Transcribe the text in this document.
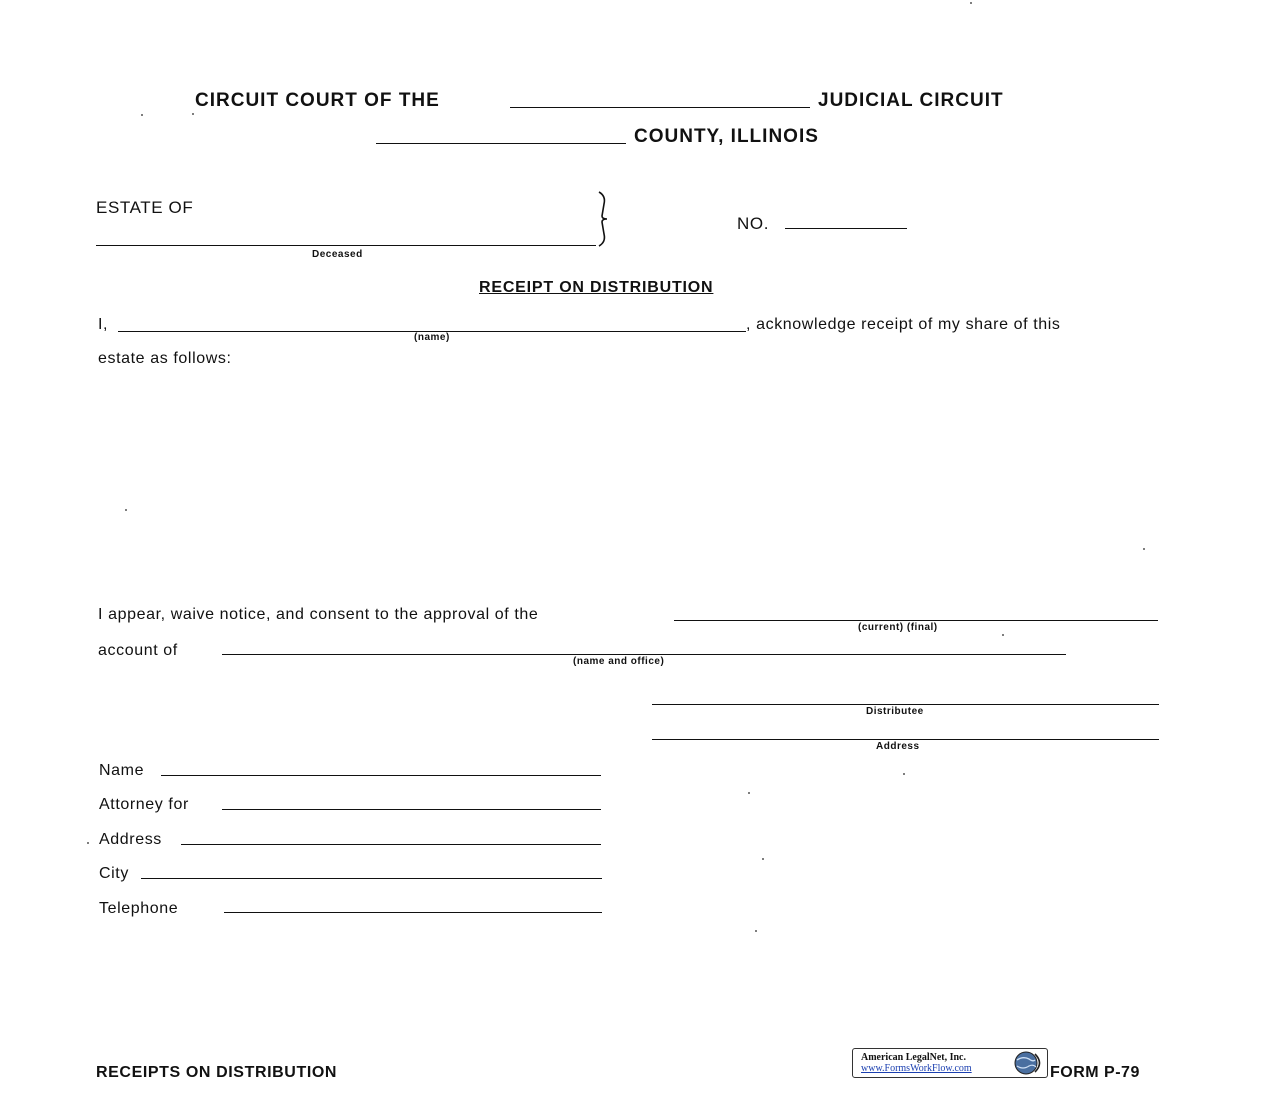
CIRCUIT COURT OF THE	JUDICIAL CIRCUIT
COUNTY, ILLINOIS
ESTATE OF
Deceased
NO.
RECEIPT ON DISTRIBUTION
I,
(name)
, acknowledge receipt of my share of this
estate as follows:
I appear, waive notice, and consent to the approval of the
(current) (final)
account of
(name and office)
Distributee
Address
Name
Attorney for
Address
City
Telephone
RECEIPTS ON DISTRIBUTION
American LegalNet, Inc.
www.FormsWorkFlow.com	FORM P-79
